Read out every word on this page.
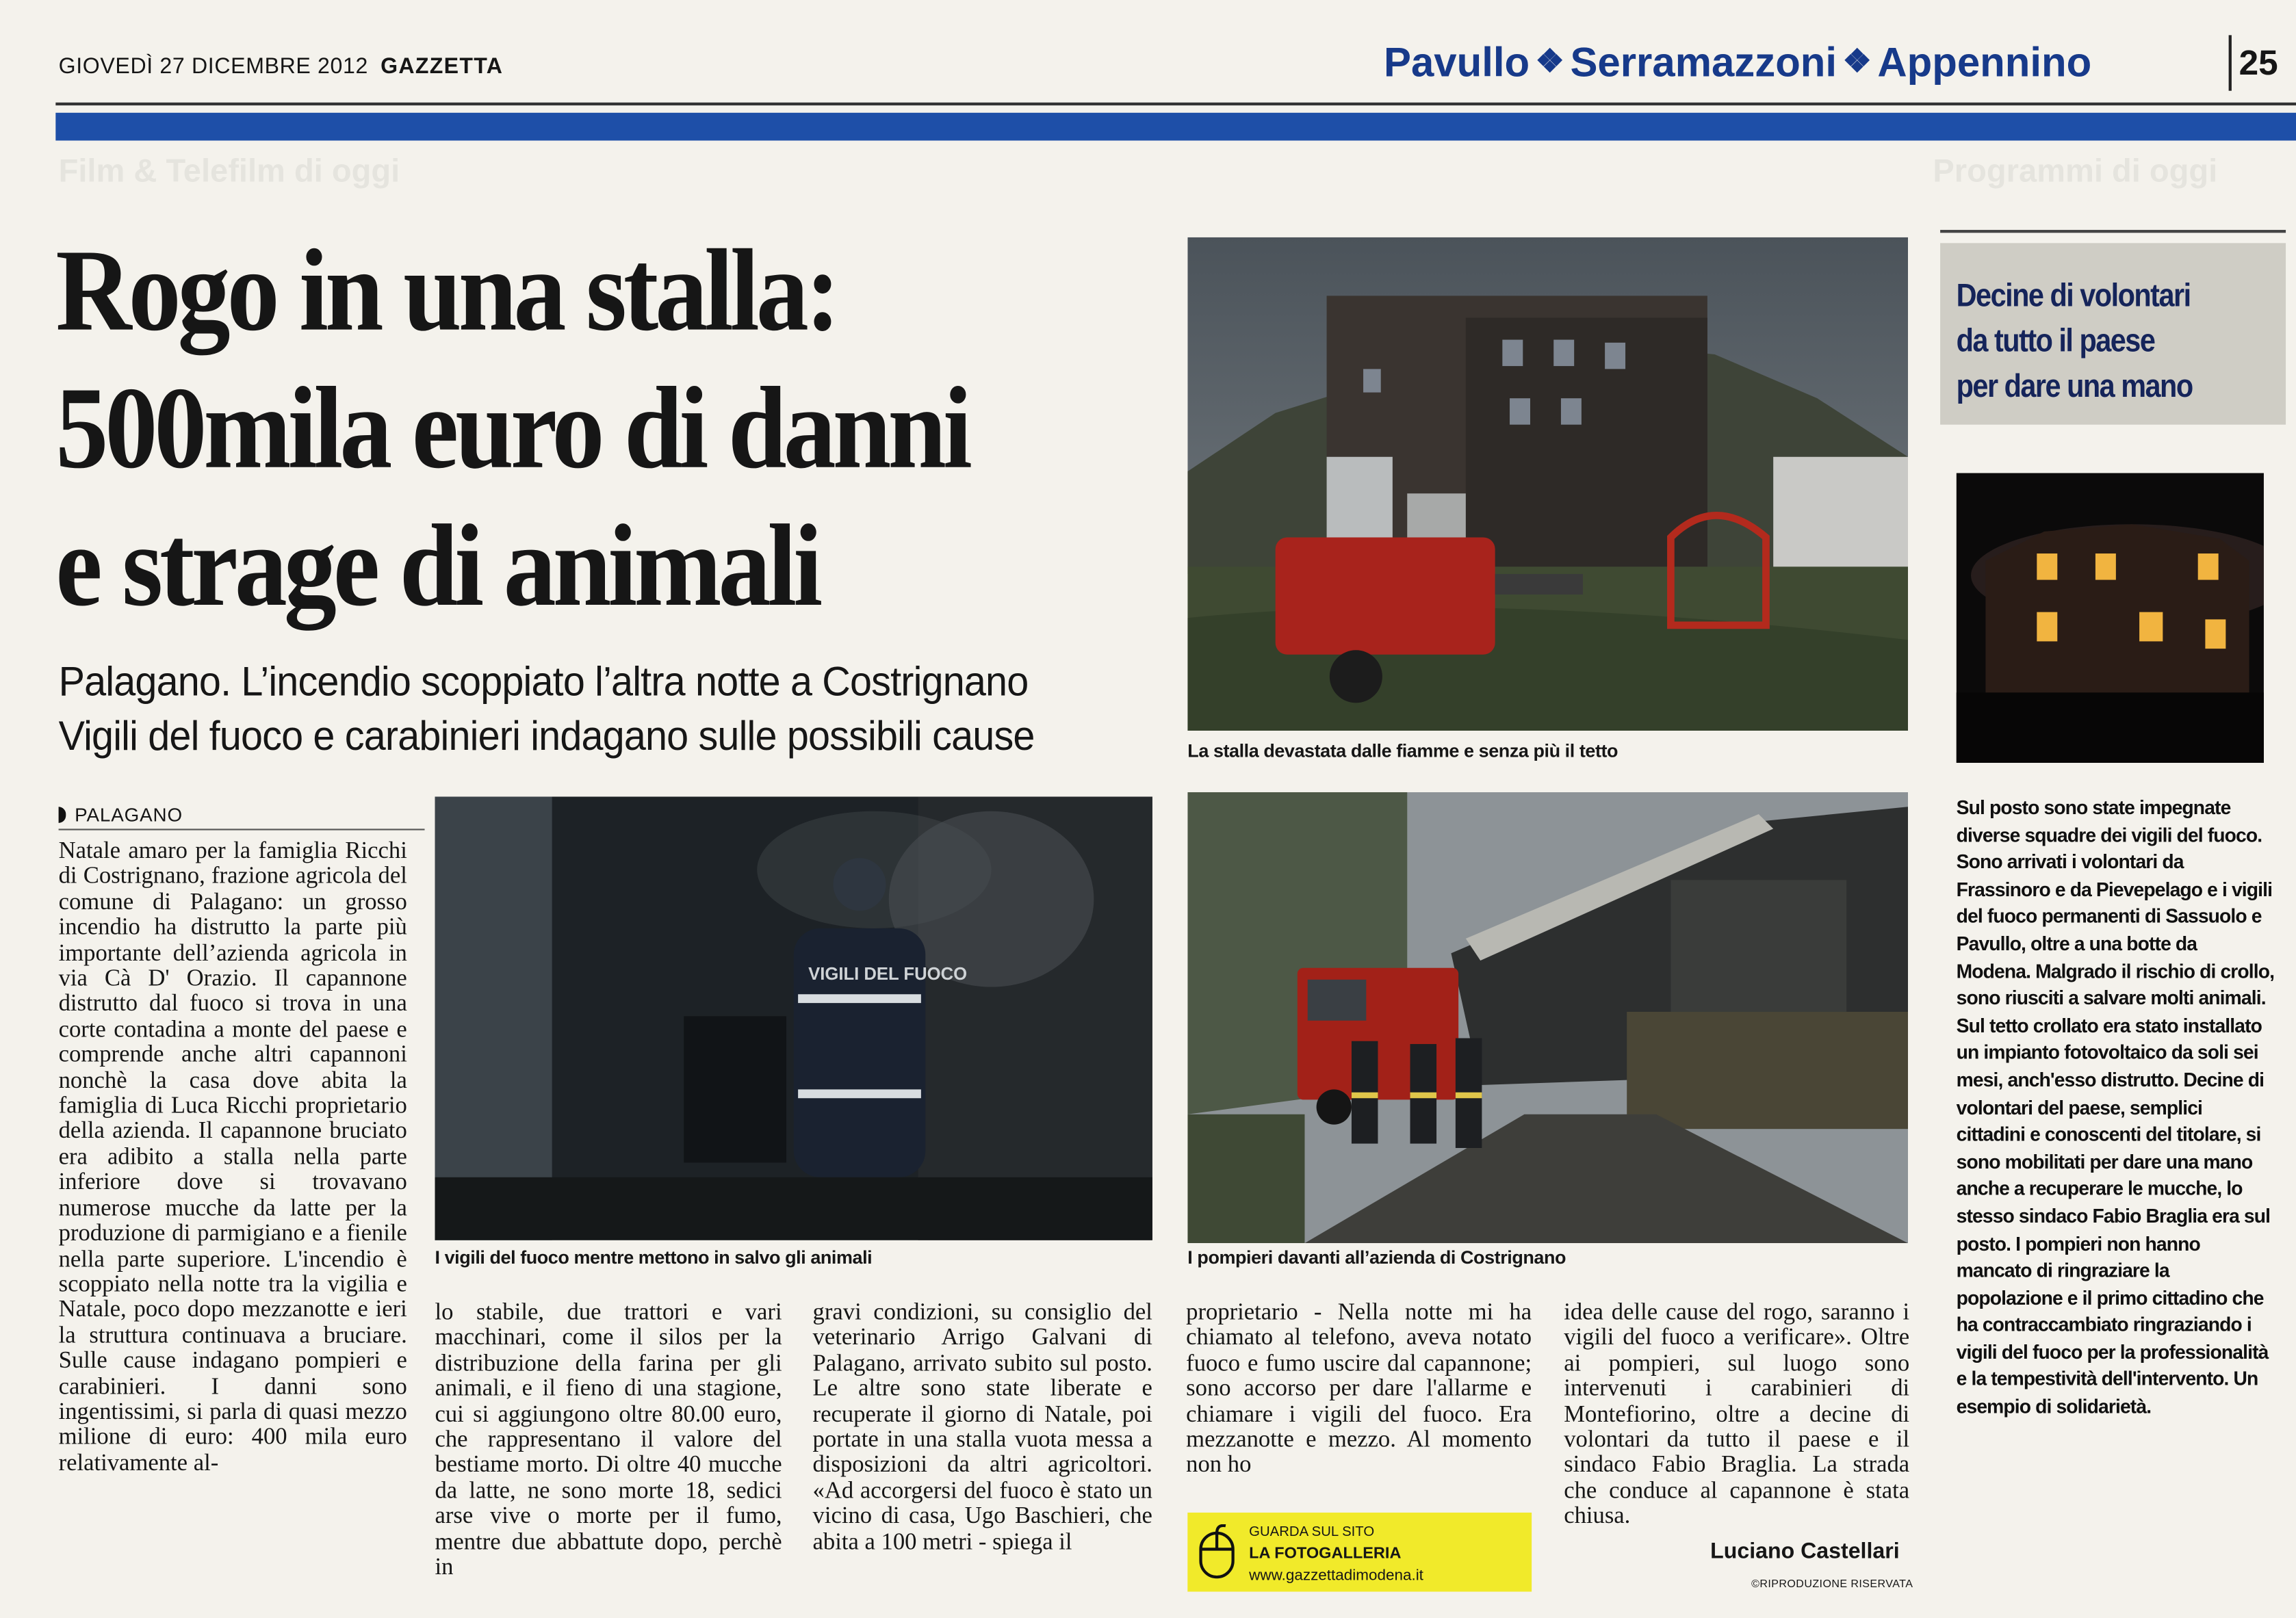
Film & Telefilm di oggi	Programmi di oggi
GIOVEDÌ 27 DICEMBRE 2012 GAZZETTA	Pavullo ❖ Serramazzoni ❖ Appennino	25
Rogo in una stalla:
500mila euro di danni
e strage di animali
Palagano. L’incendio scoppiato l’altra notte a Costrignano
Vigili del fuoco e carabinieri indagano sulle possibili cause
PALAGANO

Natale amaro per la famiglia Ricchi di Costrignano, frazione agricola del comune di Palagano: un grosso incendio ha distrutto la parte più importante dell’azienda agricola in via Cà D' Orazio. Il capannone distrutto dal fuoco si trova in una corte contadina a monte del paese e comprende anche altri capannoni nonchè la casa dove abita la famiglia di Luca Ricchi proprietario della azienda. Il capannone bruciato era adibito a stalla nella parte inferiore dove si trovavano numerose mucche da latte per la produzione di parmigiano e a fienile nella parte superiore. L'incendio è scoppiato nella notte tra la vigilia e Natale, poco dopo mezzanotte e ieri la struttura continuava a bruciare. Sulle cause indagano pompieri e carabinieri. I danni sono ingentissimi, si parla di quasi mezzo milione di euro: 400 mila euro relativamente al-

lo stabile, due trattori e vari macchinari, come il silos per la distribuzione della farina per gli animali, e il fieno di una stagione, cui si aggiungono oltre 80.00 euro, che rappresentano il valore del bestiame morto. Di oltre 40 mucche da latte, ne sono morte 18, sedici arse vive o morte per il fumo, mentre due abbattute dopo, perchè in

gravi condizioni, su consiglio del veterinario Arrigo Galvani di Palagano, arrivato subito sul posto. Le altre sono state liberate e recuperate il giorno di Natale, poi portate in una stalla vuota messa a disposizioni da altri agricoltori. «Ad accorgersi del fuoco è stato un vicino di casa, Ugo Baschieri, che abita a 100 metri - spiega il

proprietario - Nella notte mi ha chiamato al telefono, aveva notato fuoco e fumo uscire dal capannone; sono accorso per dare l'allarme e chiamare i vigili del fuoco. Era mezzanotte e mezzo. Al momento non ho

idea delle cause del rogo, saranno i vigili del fuoco a verificare». Oltre ai pompieri, sul luogo sono intervenuti i carabinieri di Montefiorino, oltre a decine di volontari da tutto il paese e il sindaco Fabio Braglia. La strada che conduce al capannone è stata chiusa.

La stalla devastata dalle fiamme e senza più il tetto
VIGILI DEL FUOCO
I vigili del fuoco mentre mettono in salvo gli animali	I pompieri davanti all’azienda di Costrignano
GUARDA SUL SITO
LA FOTOGALLERIA
www.gazzettadimodena.it
Luciano Castellari
©RIPRODUZIONE RISERVATA
Decine di volontari
da tutto il paese
per dare una mano

Sul posto sono state impegnate diverse squadre dei vigili del fuoco. Sono arrivati i volontari da Frassinoro e da Pievepelago e i vigili del fuoco permanenti di Sassuolo e Pavullo, oltre a una botte da Modena. Malgrado il rischio di crollo, sono riusciti a salvare molti animali. Sul tetto crollato era stato installato un impianto fotovoltaico da soli sei mesi, anch'esso distrutto. Decine di volontari del paese, semplici cittadini e conoscenti del titolare, si sono mobilitati per dare una mano anche a recuperare le mucche, lo stesso sindaco Fabio Braglia era sul posto. I pompieri non hanno mancato di ringraziare la popolazione e il primo cittadino che ha contraccambiato ringraziando i vigili del fuoco per la professionalità e la tempestività dell'intervento. Un esempio di solidarietà.
